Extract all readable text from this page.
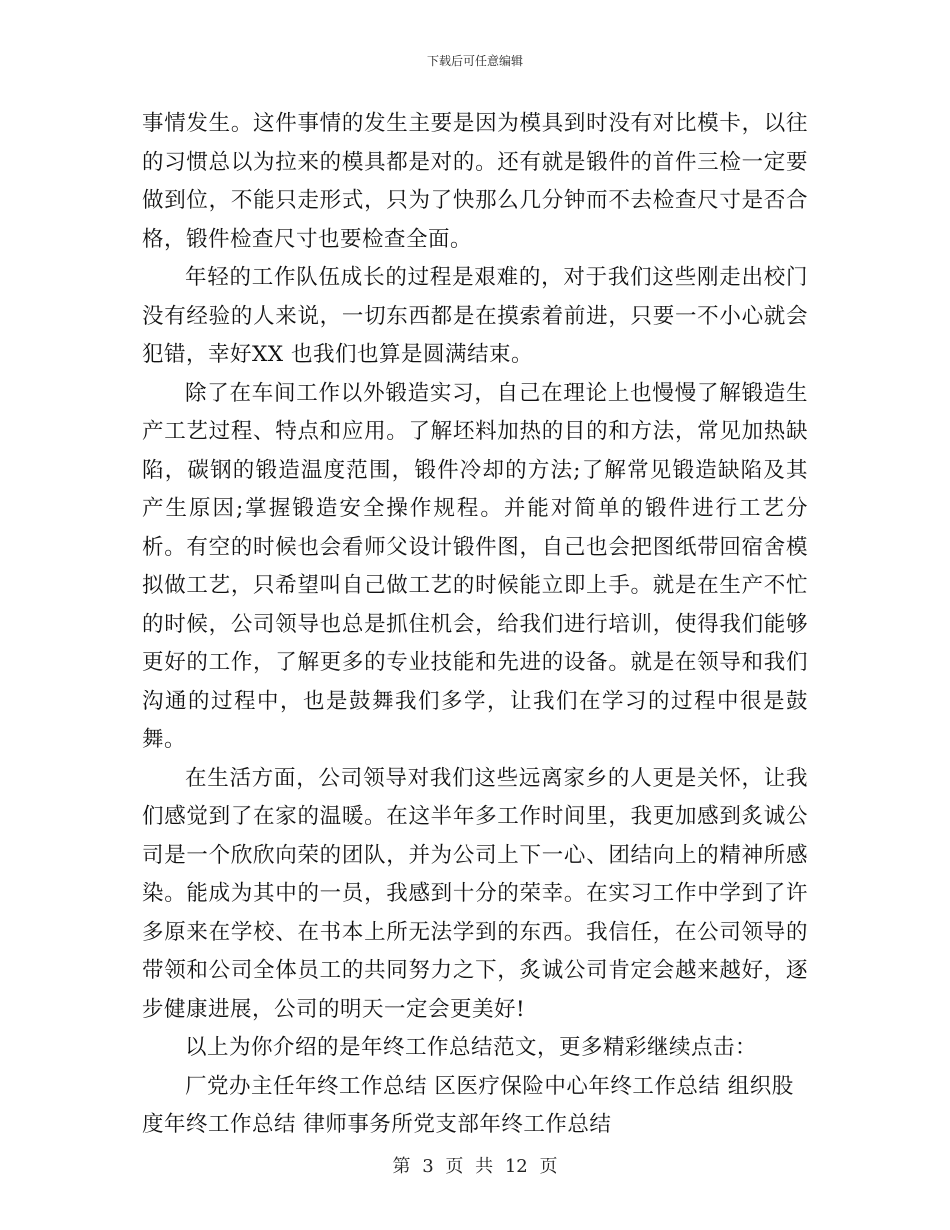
下载后可任意编辑

事情发生。这件事情的发生主要是因为模具到时没有对比模卡，以往的习惯总以为拉来的模具都是对的。还有就是锻件的首件三检一定要做到位，不能只走形式，只为了快那么几分钟而不去检查尺寸是否合格，锻件检查尺寸也要检查全面。

年轻的工作队伍成长的过程是艰难的，对于我们这些刚走出校门没有经验的人来说，一切东西都是在摸索着前进，只要一不小心就会犯错，幸好XX 也我们也算是圆满结束。

除了在车间工作以外锻造实习，自己在理论上也慢慢了解锻造生产工艺过程、特点和应用。了解坯料加热的目的和方法，常见加热缺陷，碳钢的锻造温度范围，锻件冷却的方法;了解常见锻造缺陷及其产生原因;掌握锻造安全操作规程。并能对简单的锻件进行工艺分析。有空的时候也会看师父设计锻件图，自己也会把图纸带回宿舍模拟做工艺，只希望叫自己做工艺的时候能立即上手。就是在生产不忙的时候，公司领导也总是抓住机会，给我们进行培训，使得我们能够更好的工作，了解更多的专业技能和先进的设备。就是在领导和我们沟通的过程中，也是鼓舞我们多学，让我们在学习的过程中很是鼓舞。

在生活方面，公司领导对我们这些远离家乡的人更是关怀，让我们感觉到了在家的温暖。在这半年多工作时间里，我更加感到炙诚公司是一个欣欣向荣的团队，并为公司上下一心、团结向上的精神所感染。能成为其中的一员，我感到十分的荣幸。在实习工作中学到了许多原来在学校、在书本上所无法学到的东西。我信任，在公司领导的带领和公司全体员工的共同努力之下，炙诚公司肯定会越来越好，逐步健康进展，公司的明天一定会更美好!

以上为你介绍的是年终工作总结范文，更多精彩继续点击：

厂党办主任年终工作总结 区医疗保险中心年终工作总结 组织股度年终工作总结 律师事务所党支部年终工作总结

第 3 页 共 12 页
